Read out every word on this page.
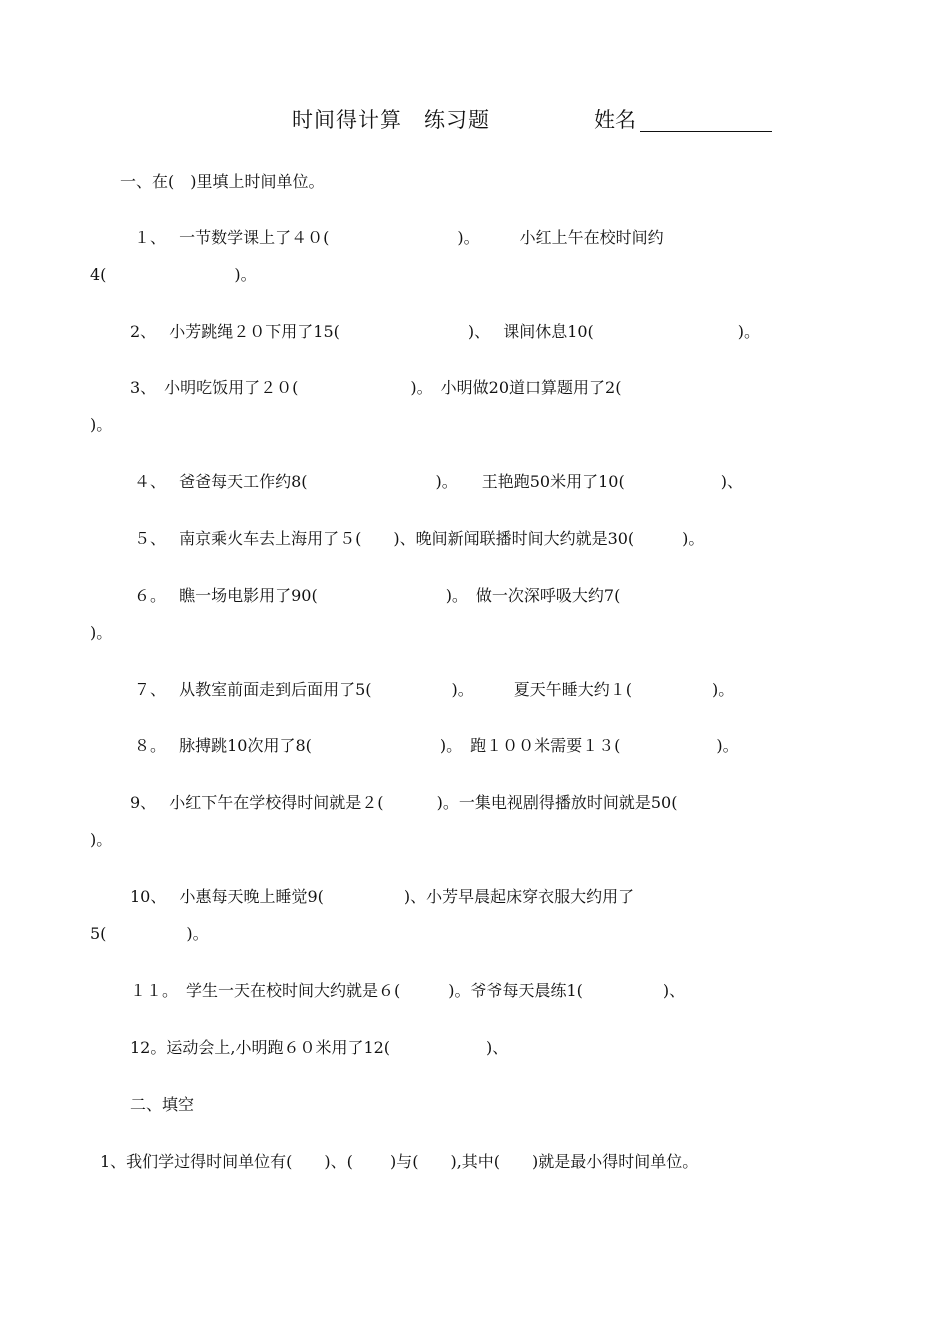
时间得计算　练习题	姓名
一、在(　)里填上时间单位。
１、　 一节数学课上了４０(　　　　　　　　)。　　　小红上午在校时间约
4(　　　　　　　　)。
2、　 小芳跳绳２０下用了15(　　　　　　　　)、　 课间休息10(　　　　　　　　　)。
3、　小明吃饭用了２０(　　　　　　　)。　小明做20道口算题用了2(
)。
４、　 爸爸每天工作约8(　　　　　　　　)。　　王艳跑50米用了10(　　　　　　)、
５、　 南京乘火车去上海用了５(　　)、晚间新闻联播时间大约就是30(　　　)。
６。　 瞧一场电影用了90(　　　　　　　　)。　做一次深呼吸大约7(
)。
７、　 从教室前面走到后面用了5(　　　　　)。　　　夏天午睡大约１(　　　　　)。
８。　 脉搏跳10次用了8(　　　　　　　　)。　跑１００米需要１３(　　　　　　)。
9、　 小红下午在学校得时间就是２(　　　 )。一集电视剧得播放时间就是50(
)。
10、　 小惠每天晚上睡觉9(　　　　　)、小芳早晨起床穿衣服大约用了
5(　　　　　)。
１１。　学生一天在校时间大约就是６(　　　)。爷爷每天晨练1(　　　　　)、
12。运动会上,小明跑６０米用了12(　　　　　　)、
二、填空
1、我们学过得时间单位有(　　)、(　　 )与(　　),其中(　　)就是最小得时间单位。
